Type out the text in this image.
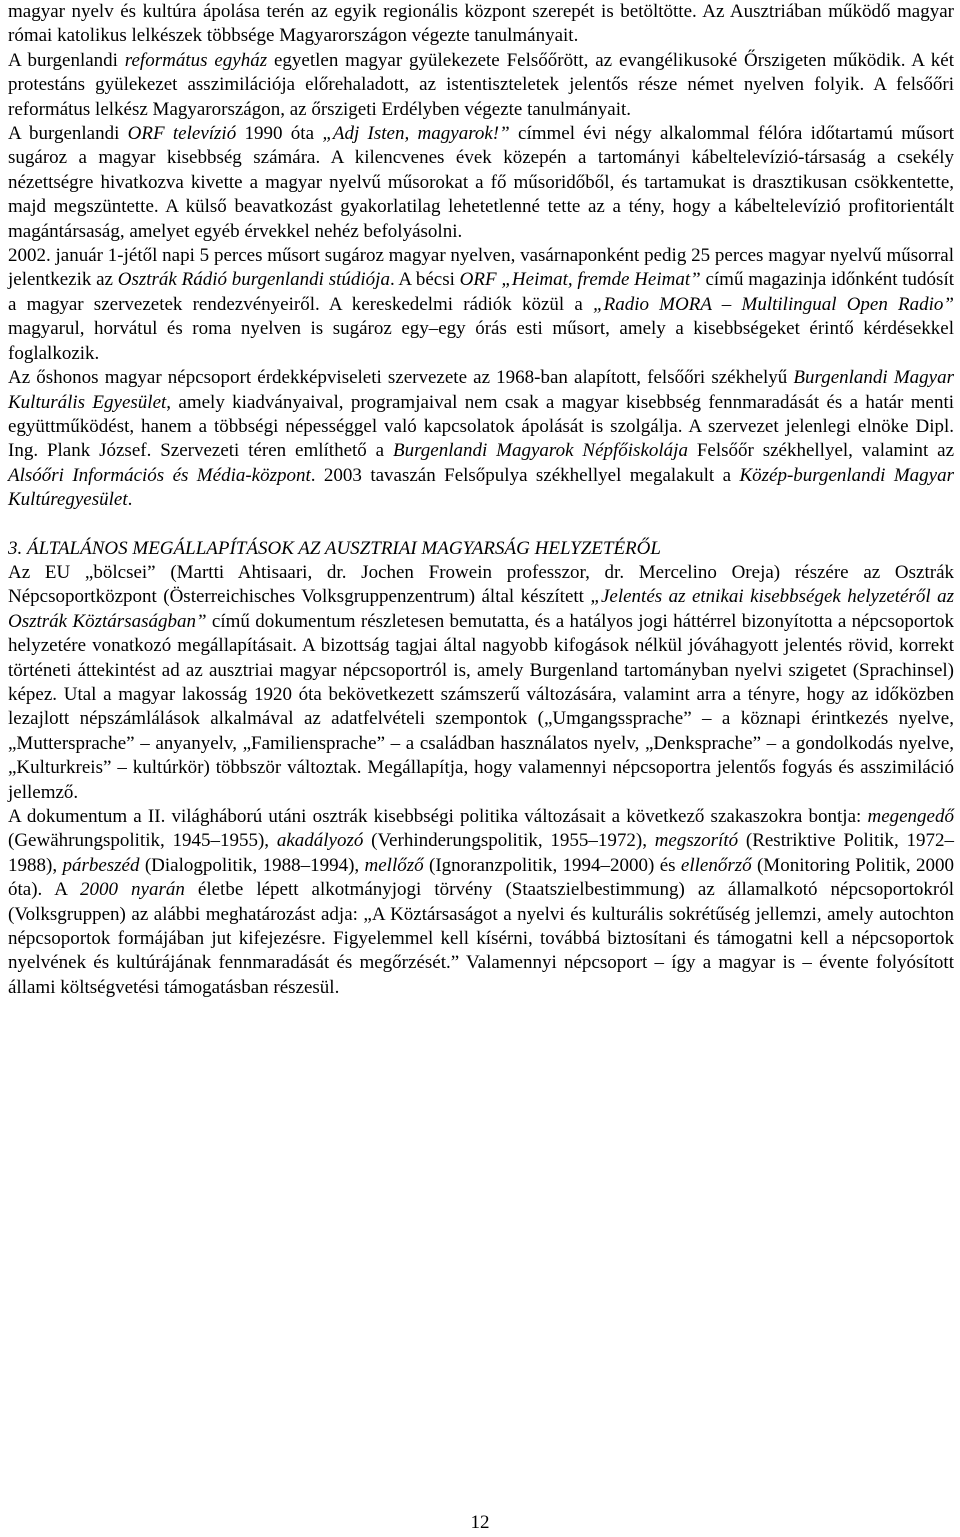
magyar nyelv és kultúra ápolása terén az egyik regionális központ szerepét is betöltötte. Az Ausztriában működő magyar római katolikus lelkészek többsége Magyarországon végezte tanulmányait.

A burgenlandi református egyház egyetlen magyar gyülekezete Felsőőrött, az evangélikusoké Őrszigeten működik. A két protestáns gyülekezet asszimilációja előrehaladott, az istentiszteletek jelentős része német nyelven folyik. A felsőőri református lelkész Magyarországon, az őrszigeti Erdélyben végezte tanulmányait.

A burgenlandi ORF televízió 1990 óta „Adj Isten, magyarok!” címmel évi négy alkalommal félóra időtartamú műsort sugároz a magyar kisebbség számára. A kilencvenes évek közepén a tartományi kábeltelevízió-társaság a csekély nézettségre hivatkozva kivette a magyar nyelvű műsorokat a fő műsoridőből, és tartamukat is drasztikusan csökkentette, majd megszüntette. A külső beavatkozást gyakorlatilag lehetetlenné tette az a tény, hogy a kábeltelevízió profitorientált magántársaság, amelyet egyéb érvekkel nehéz befolyásolni.

2002. január 1-jétől napi 5 perces műsort sugároz magyar nyelven, vasárnaponként pedig 25 perces magyar nyelvű műsorral jelentkezik az Osztrák Rádió burgenlandi stúdiója. A bécsi ORF „Heimat, fremde Heimat” című magazinja időnként tudósít a magyar szervezetek rendezvényeiről. A kereskedelmi rádiók közül a „Radio MORA – Multilingual Open Radio” magyarul, horvátul és roma nyelven is sugároz egy–egy órás esti műsort, amely a kisebbségeket érintő kérdésekkel foglalkozik.

Az őshonos magyar népcsoport érdekképviseleti szervezete az 1968-ban alapított, felsőőri székhelyű Burgenlandi Magyar Kulturális Egyesület, amely kiadványaival, programjaival nem csak a magyar kisebbség fennmaradását és a határ menti együttműködést, hanem a többségi népességgel való kapcsolatok ápolását is szolgálja. A szervezet jelenlegi elnöke Dipl. Ing. Plank József. Szervezeti téren említhető a Burgenlandi Magyarok Népfőiskolája Felsőőr székhellyel, valamint az Alsóőri Információs és Média-központ. 2003 tavaszán Felsőpulya székhellyel megalakult a Közép-burgenlandi Magyar Kultúregyesület.

3. ÁLTALÁNOS MEGÁLLAPÍTÁSOK AZ AUSZTRIAI MAGYARSÁG HELYZETÉRŐL

Az EU „bölcsei” (Martti Ahtisaari, dr. Jochen Frowein professzor, dr. Mercelino Oreja) részére az Osztrák Népcsoportközpont (Österreichisches Volksgruppenzentrum) által készített „Jelentés az etnikai kisebbségek helyzetéről az Osztrák Köztársaságban” című dokumentum részletesen bemutatta, és a hatályos jogi háttérrel bizonyította a népcsoportok helyzetére vonatkozó megállapításait. A bizottság tagjai által nagyobb kifogások nélkül jóváhagyott jelentés rövid, korrekt történeti áttekintést ad az ausztriai magyar népcsoportról is, amely Burgenland tartományban nyelvi szigetet (Sprachinsel) képez. Utal a magyar lakosság 1920 óta bekövetkezett számszerű változására, valamint arra a tényre, hogy az időközben lezajlott népszámlálások alkalmával az adatfelvételi szempontok („Umgangssprache” – a köznapi érintkezés nyelve, „Muttersprache” – anyanyelv, „Familiensprache” – a családban használatos nyelv, „Denksprache” – a gondolkodás nyelve, „Kulturkreis” – kultúrkör) többször változtak. Megállapítja, hogy valamennyi népcsoportra jelentős fogyás és asszimiláció jellemző.

A dokumentum a II. világháború utáni osztrák kisebbségi politika változásait a következő szakaszokra bontja: megengedő (Gewährungspolitik, 1945–1955), akadályozó (Verhinderungspolitik, 1955–1972), megszorító (Restriktive Politik, 1972–1988), párbeszéd (Dialogpolitik, 1988–1994), mellőző (Ignoranzpolitik, 1994–2000) és ellenőrző (Monitoring Politik, 2000 óta). A 2000 nyarán életbe lépett alkotmányjogi törvény (Staatszielbestimmung) az államalkotó népcsoportokról (Volksgruppen) az alábbi meghatározást adja: „A Köztársaságot a nyelvi és kulturális sokrétűség jellemzi, amely autochton népcsoportok formájában jut kifejezésre. Figyelemmel kell kísérni, továbbá biztosítani és támogatni kell a népcsoportok nyelvének és kultúrájának fennmaradását és megőrzését.” Valamennyi népcsoport – így a magyar is – évente folyósított állami költségvetési támogatásban részesül.

12
